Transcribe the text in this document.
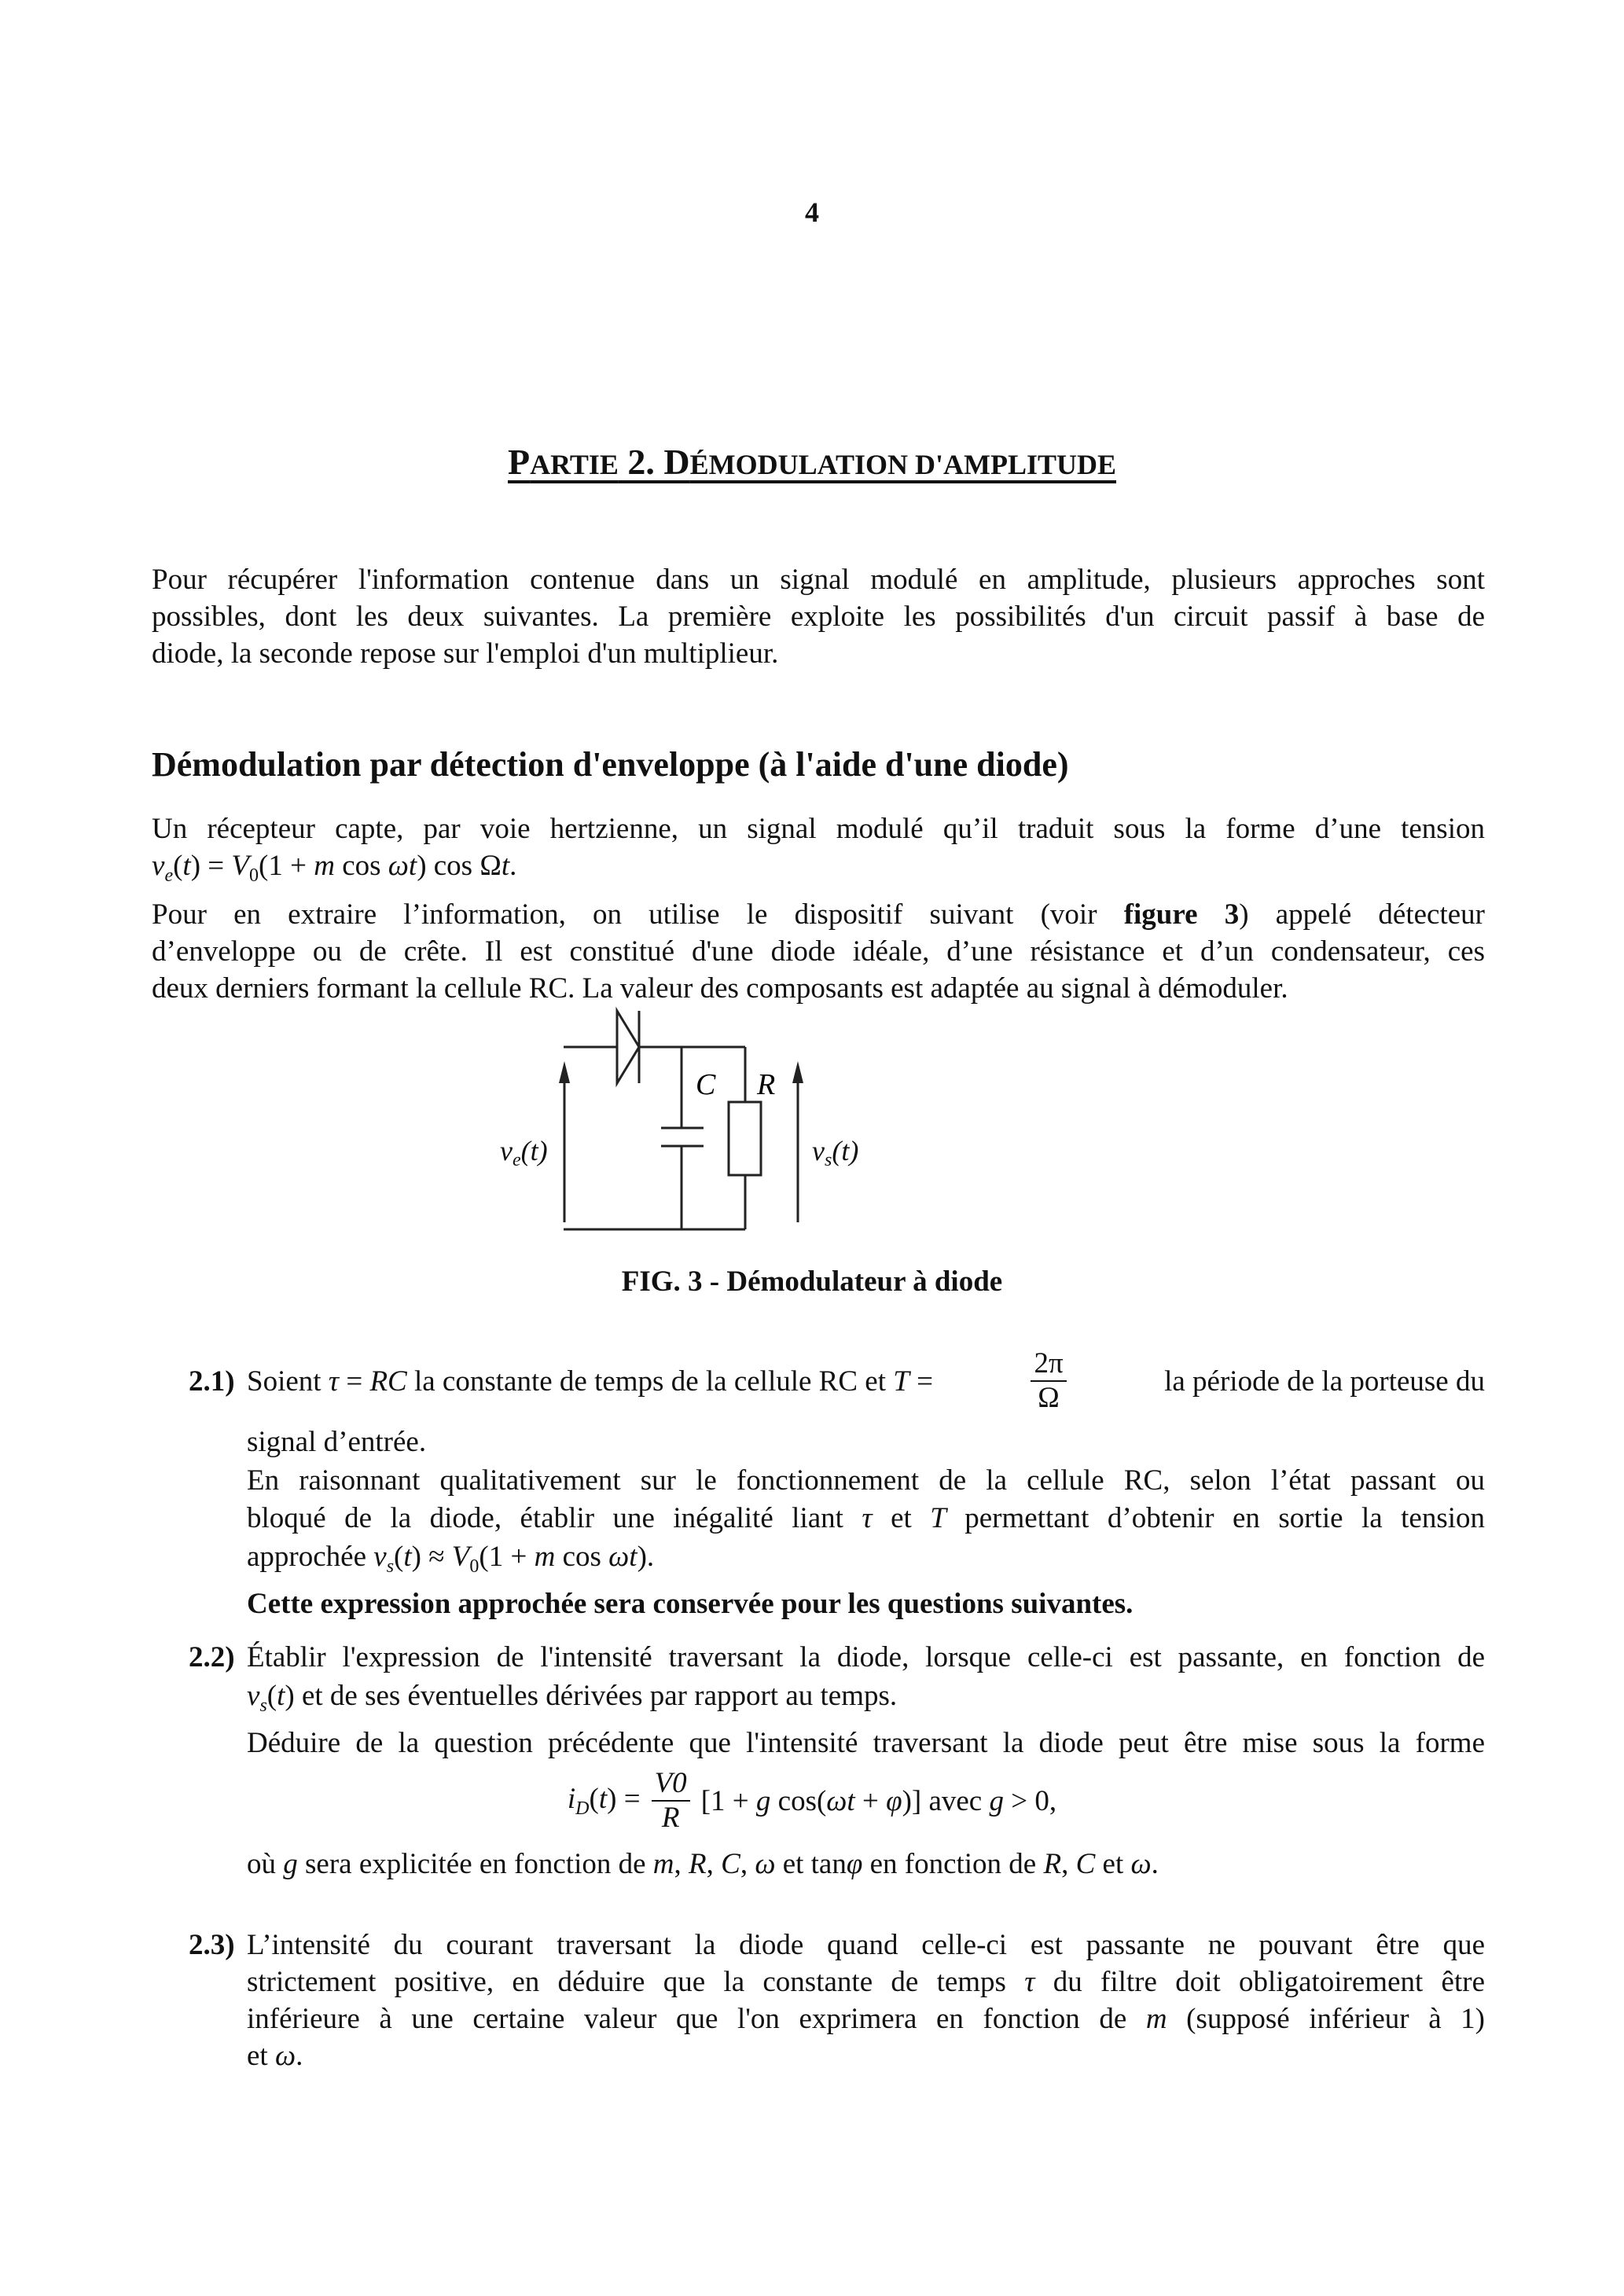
4
PARTIE 2. DÉMODULATION D'AMPLITUDE
Pour récupérer l'information contenue dans un signal modulé en amplitude, plusieurs approches sont
possibles, dont les deux suivantes. La première exploite les possibilités d'un circuit passif à base de
diode, la seconde repose sur l'emploi d'un multiplieur.
Démodulation par détection d'enveloppe (à l'aide d'une diode)
Un récepteur capte, par voie hertzienne, un signal modulé qu’il traduit sous la forme d’une tension
$v_e(t) = V_0(1 + m$ cos ωt) cos Ωt.
Pour en extraire l’information, on utilise le dispositif suivant (voir figure 3) appelé détecteur
d’enveloppe ou de crête. Il est constitué d'une diode idéale, d’une résistance et d’un condensateur, ces
deux derniers formant la cellule RC. La valeur des composants est adaptée au signal à démoduler.
C R
ve(t)	vs(t)
FIG. 3 - Démodulateur à diode
2.1) Soient τ = RC la constante de temps de la cellule RC et T =	$\frac{2\pi}{\Omega}$	la période de la porteuse du
signal d’entrée.
En raisonnant qualitativement sur le fonctionnement de la cellule RC, selon l’état passant ou
bloqué de la diode, établir une inégalité liant τ et T permettant d’obtenir en sortie la tension
approchée $v_s(t) \approx V_0(1 + m$ cos ωt).
Cette expression approchée sera conservée pour les questions suivantes.
2.2) Établir l'expression de l'intensité traversant la diode, lorsque celle-ci est passante, en fonction de
$v_s(t)$ et de ses éventuelles dérivées par rapport au temps.
Déduire de la question précédente que l'intensité traversant la diode peut être mise sous la forme
$i_D(t) = \frac{V0}{R} [1 + g$ cos(ωt + φ)] avec g > 0,
où g sera explicitée en fonction de m, R, C, ω et tanφ en fonction de R, C et ω.
2.3) L’intensité du courant traversant la diode quand celle-ci est passante ne pouvant être que
strictement positive, en déduire que la constante de temps τ du filtre doit obligatoirement être
inférieure à une certaine valeur que l'on exprimera en fonction de m (supposé inférieur à 1)
et ω.
